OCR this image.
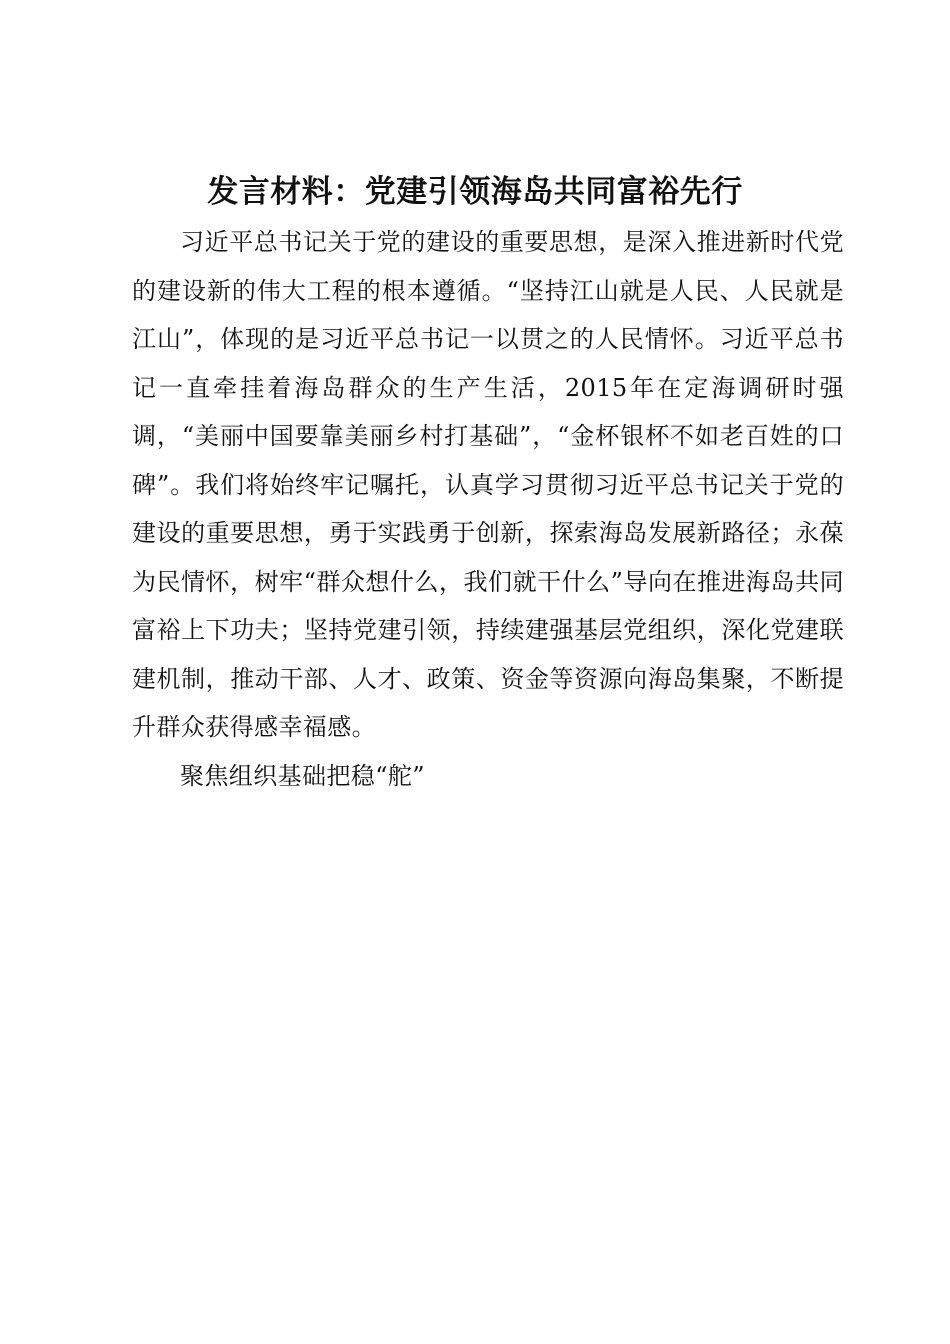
发言材料：党建引领海岛共同富裕先行

习近平总书记关于党的建设的重要思想，是深入推进新时代党的建设新的伟大工程的根本遵循。“坚持江山就是人民、人民就是江山”，体现的是习近平总书记一以贯之的人民情怀。习近平总书记一直牵挂着海岛群众的生产生活，2015年在定海调研时强调，“美丽中国要靠美丽乡村打基础”，“金杯银杯不如老百姓的口碑”。我们将始终牢记嘱托，认真学习贯彻习近平总书记关于党的建设的重要思想，勇于实践勇于创新，探索海岛发展新路径；永葆为民情怀，树牢“群众想什么，我们就干什么”导向在推进海岛共同富裕上下功夫；坚持党建引领，持续建强基层党组织，深化党建联建机制，推动干部、人才、政策、资金等资源向海岛集聚，不断提升群众获得感幸福感。

聚焦组织基础把稳“舵”
